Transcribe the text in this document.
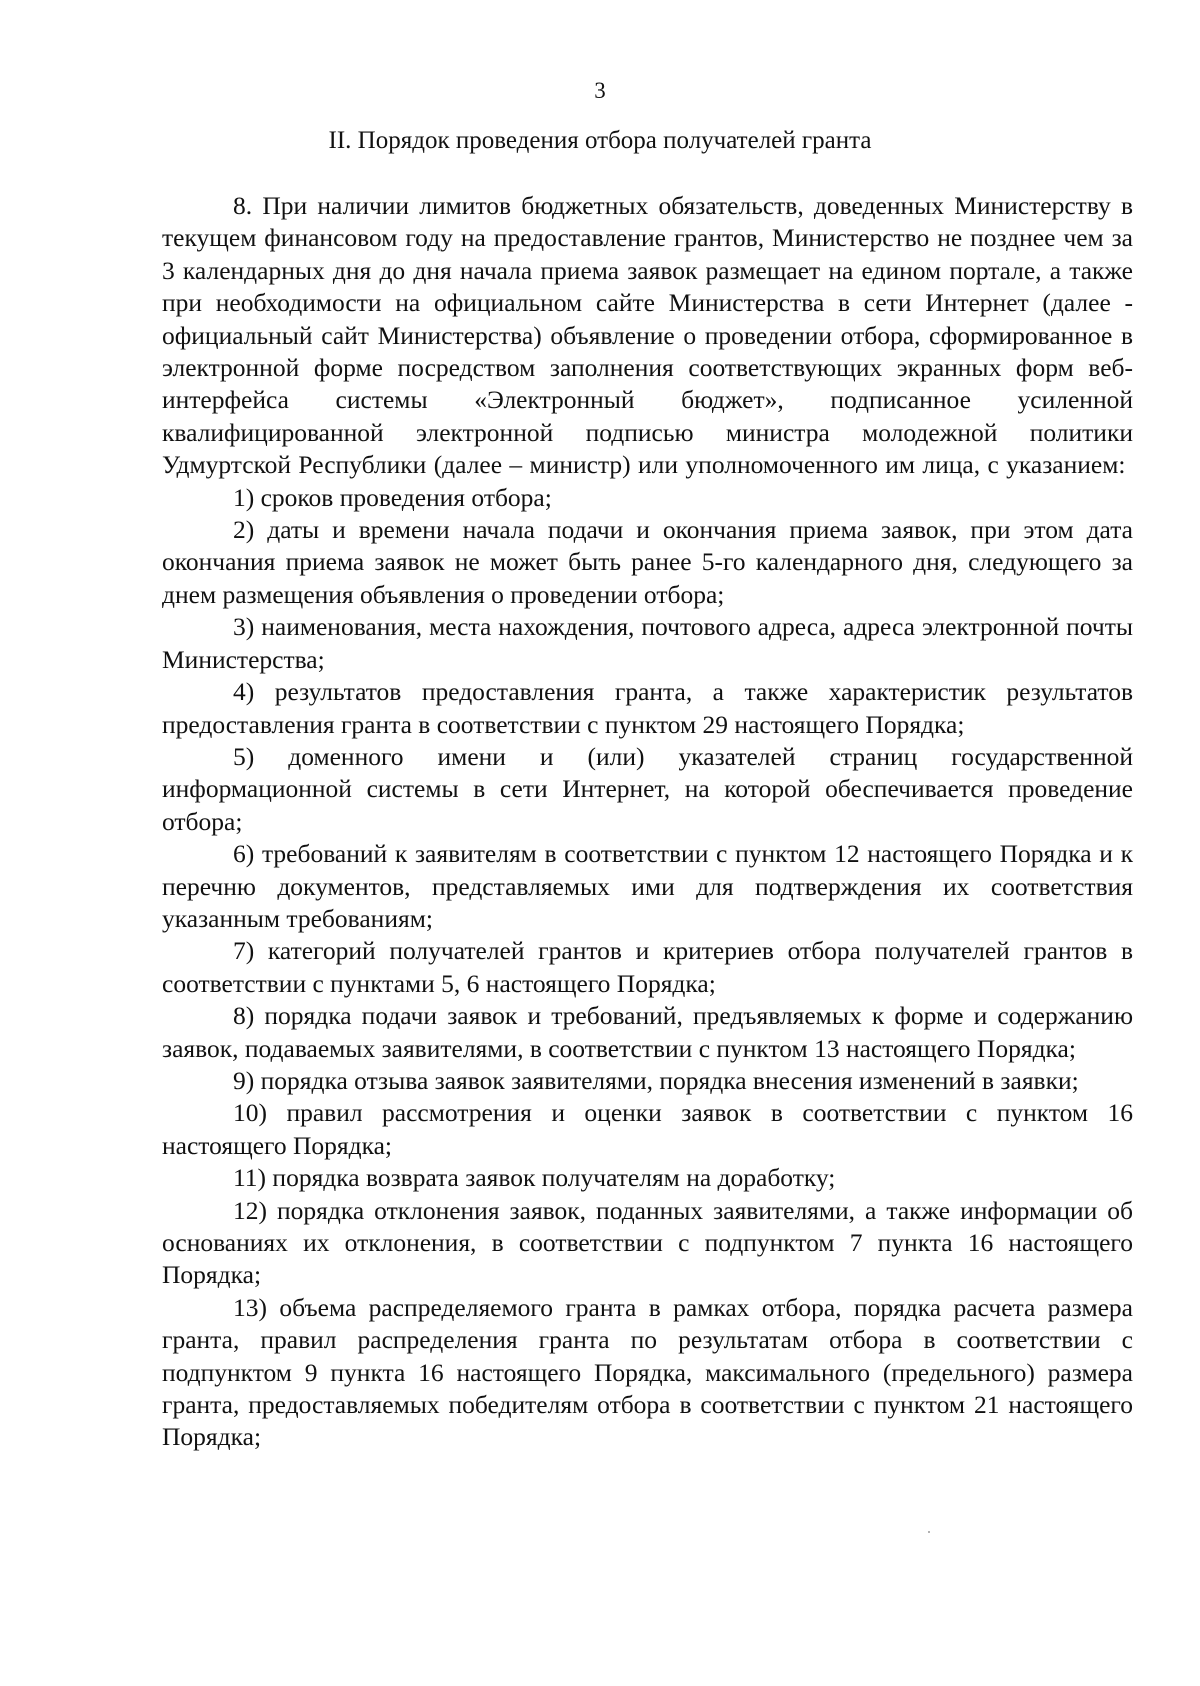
3
II. Порядок проведения отбора получателей гранта

8. При наличии лимитов бюджетных обязательств, доведенных Министерству в текущем финансовом году на предоставление грантов, Министерство не позднее чем за 3 календарных дня до дня начала приема заявок размещает на едином портале, а также при необходимости на официальном сайте Министерства в сети Интернет (далее - официальный сайт Министерства) объявление о проведении отбора, сформированное в электронной форме посредством заполнения соответствующих экранных форм веб-интерфейса системы «Электронный бюджет», подписанное усиленной квалифицированной электронной подписью министра молодежной политики Удмуртской Республики (далее – министр) или уполномоченного им лица, с указанием:

1) сроков проведения отбора;

2) даты и времени начала подачи и окончания приема заявок, при этом дата окончания приема заявок не может быть ранее 5-го календарного дня, следующего за днем размещения объявления о проведении отбора;

3) наименования, места нахождения, почтового адреса, адреса электронной почты Министерства;

4) результатов предоставления гранта, а также характеристик результатов предоставления гранта в соответствии с пунктом 29 настоящего Порядка;

5) доменного имени и (или) указателей страниц государственной информационной системы в сети Интернет, на которой обеспечивается проведение отбора;

6) требований к заявителям в соответствии с пунктом 12 настоящего Порядка и к перечню документов, представляемых ими для подтверждения их соответствия указанным требованиям;

7) категорий получателей грантов и критериев отбора получателей грантов в соответствии с пунктами 5, 6 настоящего Порядка;

8) порядка подачи заявок и требований, предъявляемых к форме и содержанию заявок, подаваемых заявителями, в соответствии с пунктом 13 настоящего Порядка;

9) порядка отзыва заявок заявителями, порядка внесения изменений в заявки;

10) правил рассмотрения и оценки заявок в соответствии с пунктом 16 настоящего Порядка;

11) порядка возврата заявок получателям на доработку;

12) порядка отклонения заявок, поданных заявителями, а также информации об основаниях их отклонения, в соответствии с подпунктом 7 пункта 16 настоящего Порядка;

13) объема распределяемого гранта в рамках отбора, порядка расчета размера гранта, правил распределения гранта по результатам отбора в соответствии с подпунктом 9 пункта 16 настоящего Порядка, максимального (предельного) размера гранта, предоставляемых победителям отбора в соответствии с пунктом 21 настоящего Порядка;
